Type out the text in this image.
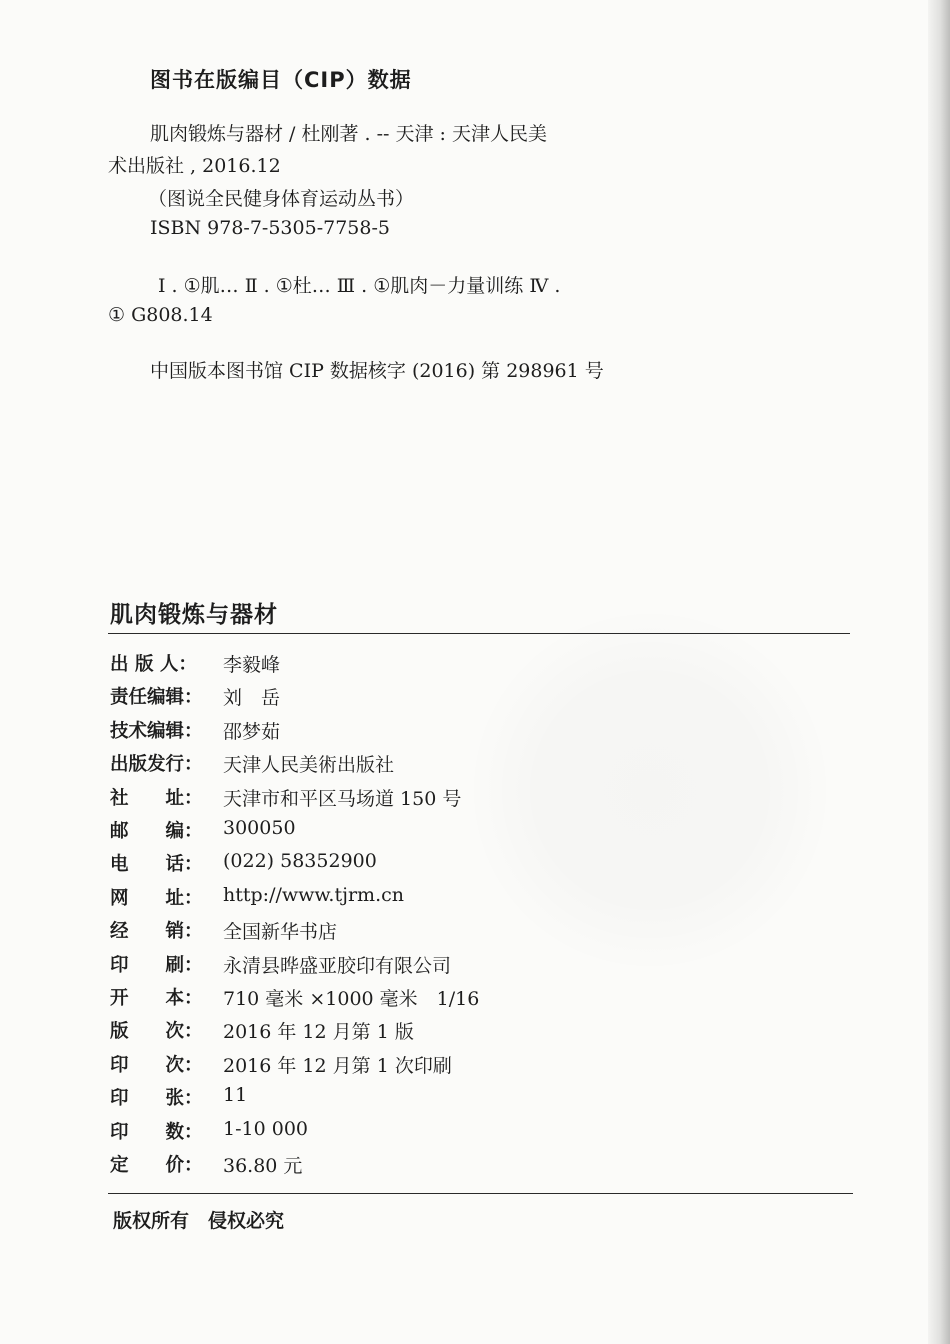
图书在版编目（CIP）数据

肌肉锻炼与器材 / 杜刚著 . -- 天津 : 天津人民美

术出版社 , 2016.12

（图说全民健身体育运动丛书）

ISBN 978-7-5305-7758-5

Ⅰ . ①肌… Ⅱ . ①杜… Ⅲ . ①肌肉－力量训练 Ⅳ .

① G808.14

中国版本图书馆 CIP 数据核字 (2016) 第 298961 号

肌肉锻炼与器材
出 版 人：	李毅峰
责任编辑：	刘　岳
技术编辑：	邵梦茹
出版发行：	天津人民美術出版社
社　　址：	天津市和平区马场道 150 号
邮　　编：	300050
电　　话：	(022) 58352900
网　　址：	http://www.tjrm.cn
经　　销：	全国新华书店
印　　刷：	永清县晔盛亚胶印有限公司
开　　本：	710 毫米 ×1000 毫米　1/16
版　　次：	2016 年 12 月第 1 版
印　　次：	2016 年 12 月第 1 次印刷
印　　张：	11
印　　数：	1-10 000
定　　价：	36.80 元

版权所有　侵权必究
